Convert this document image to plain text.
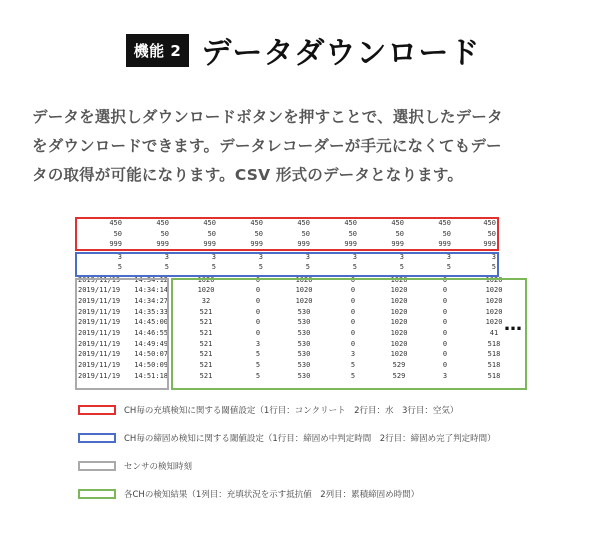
機能 2 データダウンロード

データを選択しダウンロードボタンを押すことで、選択したデータ

をダウンロードできます。データレコーダーが手元になくてもデー

タの取得が可能になります。CSV 形式のデータとなります。

450	450	450	450	450	450	450	450	450
50	50	50	50	50	50	50	50	50
999	999	999	999	999	999	999	999	999
3	3	3	3	3	3	3	3	3
5	5	5	5	5	5	5	5	5
2019/11/19	14:34:12	1020	0	1020	0	1020	0	1020
2019/11/19	14:34:14	1020	0	1020	0	1020	0	1020
2019/11/19	14:34:27	32	0	1020	0	1020	0	1020
2019/11/19	14:35:33	521	0	530	0	1020	0	1020
2019/11/19	14:45:00	521	0	530	0	1020	0	1020
2019/11/19	14:46:55	521	0	530	0	1020	0	41
2019/11/19	14:49:49	521	3	530	0	1020	0	518
2019/11/19	14:50:07	521	5	530	3	1020	0	518
2019/11/19	14:50:09	521	5	530	5	529	0	518
2019/11/19	14:51:18	521	5	530	5	529	3	518
…
CH毎の充填検知に関する閾値設定（1行目：コンクリート　2行目：水　3行目：空気）
CH毎の締固め検知に関する閾値設定（1行目：締固め中判定時間　2行目：締固め完了判定時間）
センサの検知時刻
各CHの検知結果（1列目：充填状況を示す抵抗値　2列目：累積締固め時間）
